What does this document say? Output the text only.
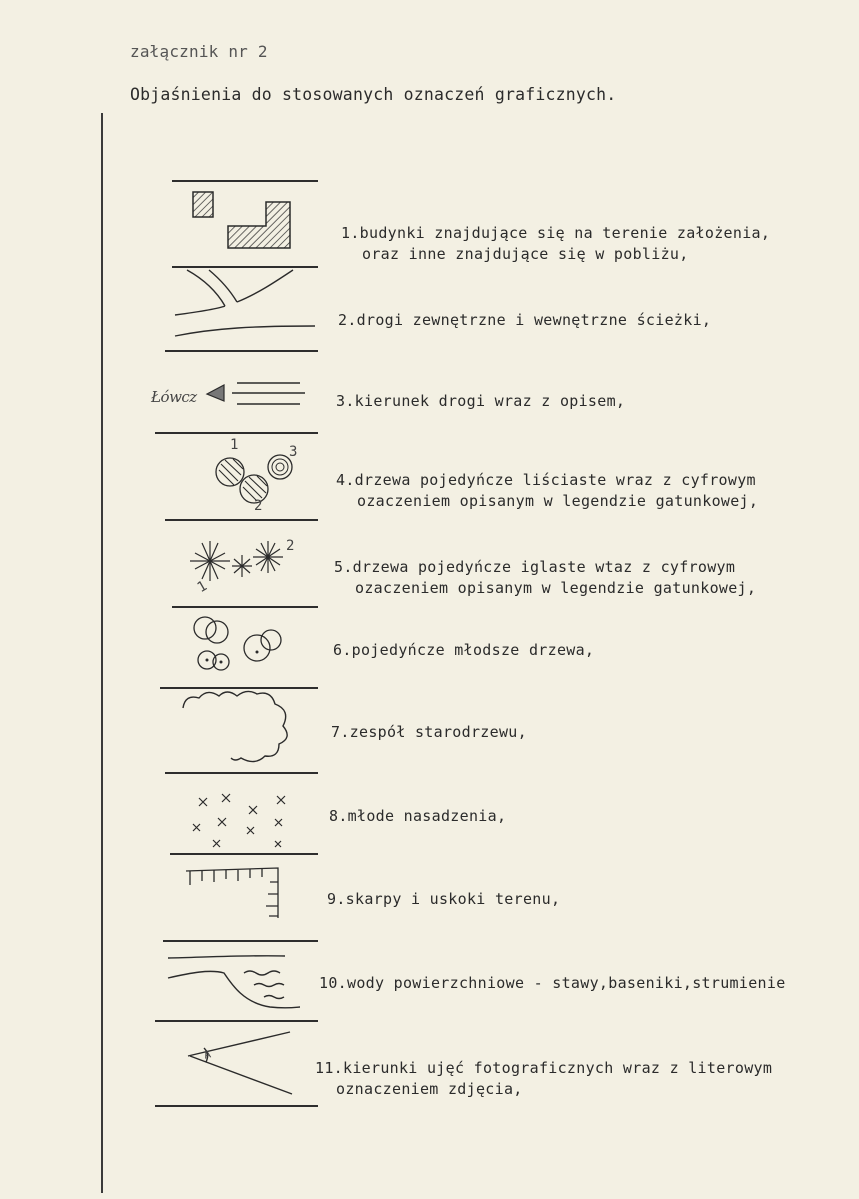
załącznik nr 2
Objaśnienia do stosowanych oznaczeń graficznych.
Łówcz
1	3
2
1
2
A
1.budynki znajdujące się na terenie założenia,
oraz inne znajdujące się w pobliżu,
2.drogi zewnętrzne i wewnętrzne ścieżki,
3.kierunek drogi wraz z opisem,
4.drzewa pojedyńcze liściaste wraz z cyfrowym
ozaczeniem opisanym w legendzie gatunkowej,
5.drzewa pojedyńcze iglaste wtaz z cyfrowym
ozaczeniem opisanym w legendzie gatunkowej,
6.pojedyńcze młodsze drzewa,
7.zespół starodrzewu,
8.młode nasadzenia,
9.skarpy i uskoki terenu,
10.wody powierzchniowe - stawy,baseniki,strumienie
11.kierunki ujęć fotograficznych wraz z literowym
oznaczeniem zdjęcia,
